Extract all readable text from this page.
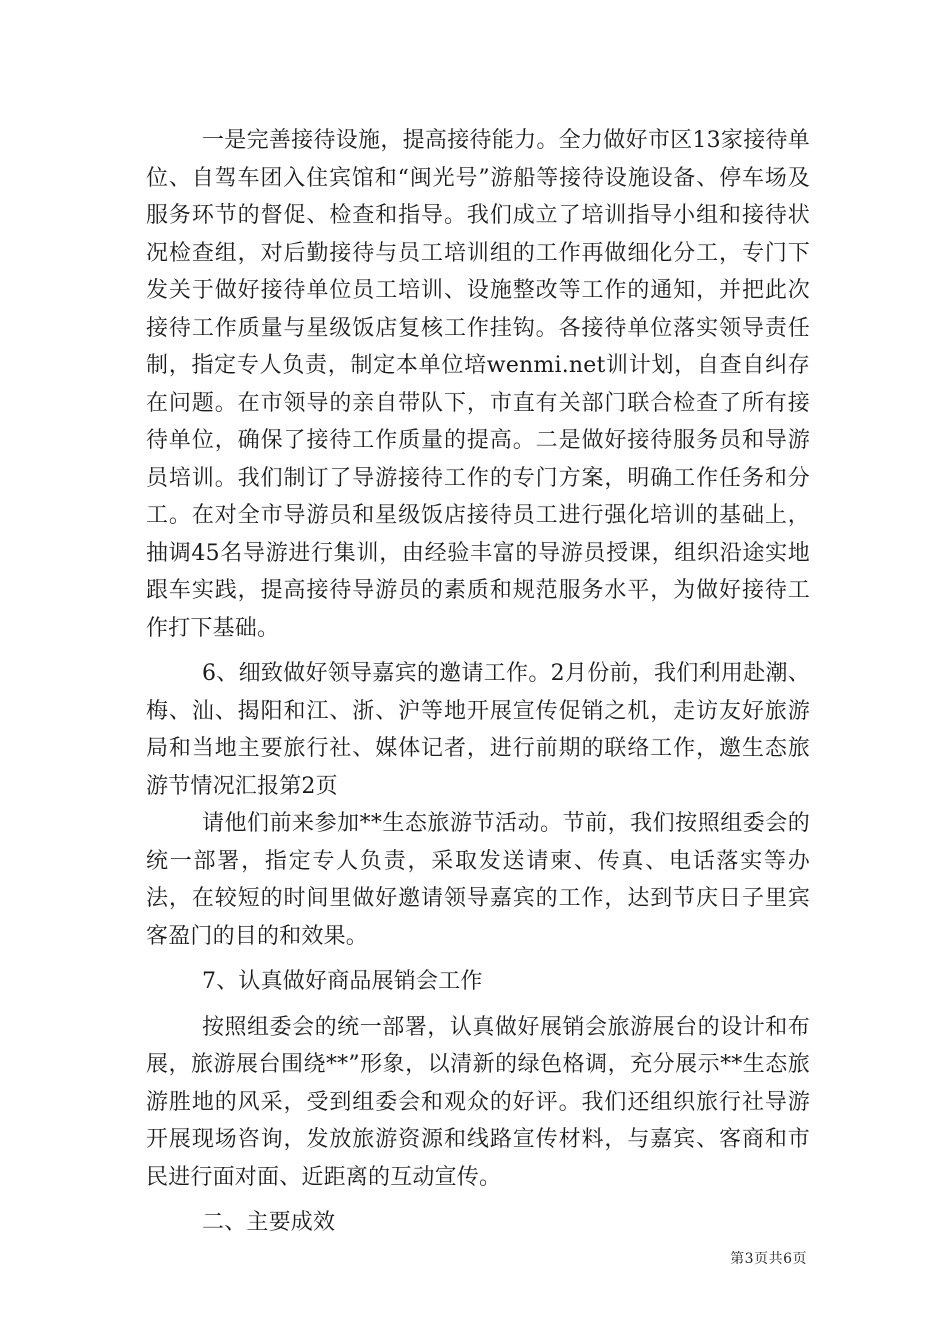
一是完善接待设施，提高接待能力。全力做好市区13家接待单位、自驾车团入住宾馆和“闽光号”游船等接待设施设备、停车场及服务环节的督促、检查和指导。我们成立了培训指导小组和接待状况检查组，对后勤接待与员工培训组的工作再做细化分工，专门下发关于做好接待单位员工培训、设施整改等工作的通知，并把此次接待工作质量与星级饭店复核工作挂钩。各接待单位落实领导责任制，指定专人负责，制定本单位培wenmi.net训计划，自查自纠存在问题。在市领导的亲自带队下，市直有关部门联合检查了所有接待单位，确保了接待工作质量的提高。二是做好接待服务员和导游员培训。我们制订了导游接待工作的专门方案，明确工作任务和分工。在对全市导游员和星级饭店接待员工进行强化培训的基础上，抽调45名导游进行集训，由经验丰富的导游员授课，组织沿途实地跟车实践，提高接待导游员的素质和规范服务水平，为做好接待工作打下基础。

6、细致做好领导嘉宾的邀请工作。2月份前，我们利用赴潮、梅、汕、揭阳和江、浙、沪等地开展宣传促销之机，走访友好旅游局和当地主要旅行社、媒体记者，进行前期的联络工作，邀生态旅游节情况汇报第2页

请他们前来参加**生态旅游节活动。节前，我们按照组委会的统一部署，指定专人负责，采取发送请柬、传真、电话落实等办法，在较短的时间里做好邀请领导嘉宾的工作，达到节庆日子里宾客盈门的目的和效果。

7、认真做好商品展销会工作

按照组委会的统一部署，认真做好展销会旅游展台的设计和布展，旅游展台围绕**”形象，以清新的绿色格调，充分展示**生态旅游胜地的风采，受到组委会和观众的好评。我们还组织旅行社导游开展现场咨询，发放旅游资源和线路宣传材料，与嘉宾、客商和市民进行面对面、近距离的互动宣传。

二、主要成效

第3页共6页
